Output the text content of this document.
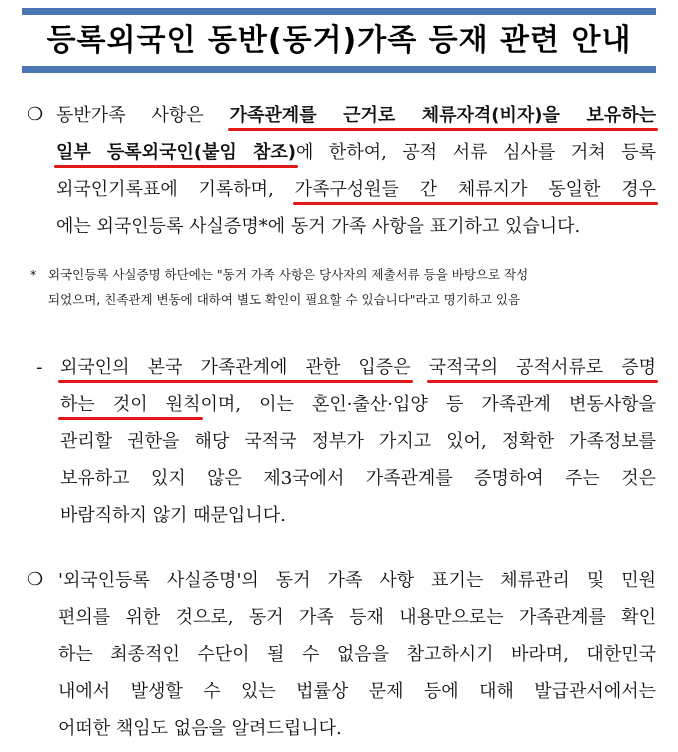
등록외국인 동반(동거)가족 등재 관련 안내
❍ 동반가족 사항은 가족관계를 근거로 체류자격(비자)을 보유하는
일부 등록외국인(붙임 참조)에 한하여, 공적 서류 심사를 거쳐 등록
외국인기록표에 기록하며, 가족구성원들 간 체류지가 동일한 경우
에는 외국인등록 사실증명*에 동거 가족 사항을 표기하고 있습니다.
* 외국인등록 사실증명 하단에는 "동거 가족 사항은 당사자의 제출서류 등을 바탕으로 작성
되었으며, 친족관계 변동에 대하여 별도 확인이 필요할 수 있습니다"라고 명기하고 있음
- 외국인의 본국 가족관계에 관한 입증은 국적국의 공적서류로 증명
하는 것이 원칙이며, 이는 혼인·출산·입양 등 가족관계 변동사항을
관리할 권한을 해당 국적국 정부가 가지고 있어, 정확한 가족정보를
보유하고 있지 않은 제3국에서 가족관계를 증명하여 주는 것은
바람직하지 않기 때문입니다.
❍ '외국인등록 사실증명'의 동거 가족 사항 표기는 체류관리 및 민원
편의를 위한 것으로, 동거 가족 등재 내용만으로는 가족관계를 확인
하는 최종적인 수단이 될 수 없음을 참고하시기 바라며, 대한민국
내에서 발생할 수 있는 법률상 문제 등에 대해 발급관서에서는
어떠한 책임도 없음을 알려드립니다.
